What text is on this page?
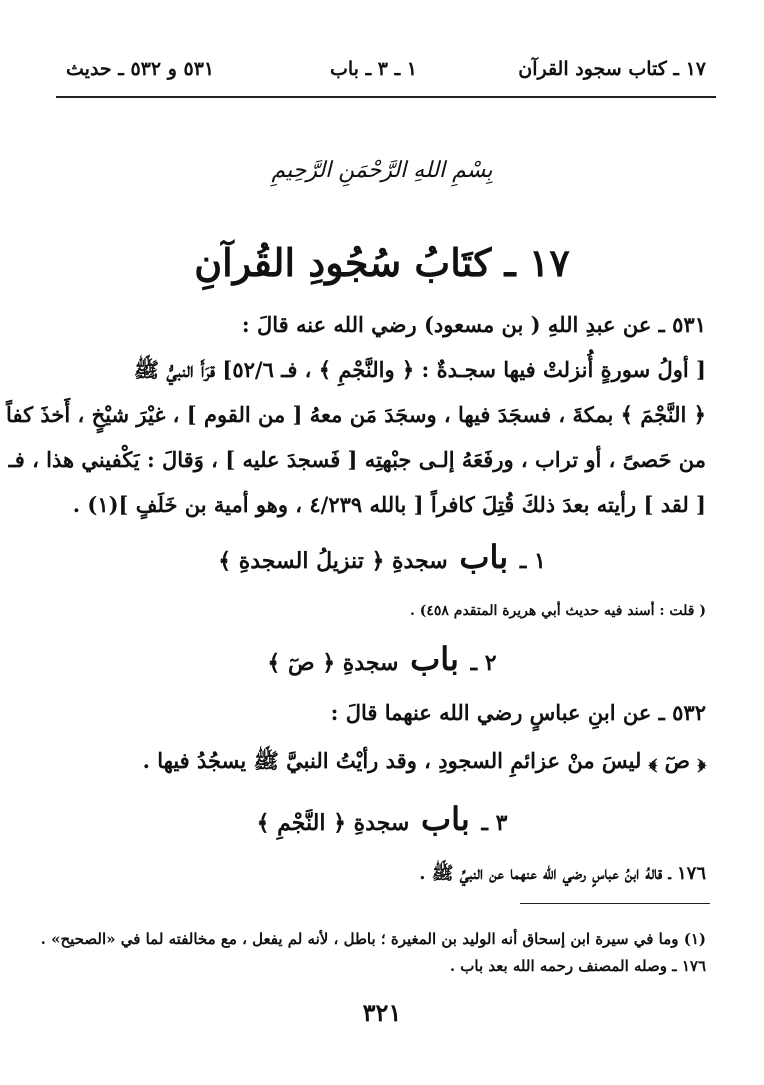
١٧ ـ كتاب سجود القرآن
١ ـ ٣ ـ باب
٥٣١ و ٥٣٢ ـ حديث
بِسْمِ اللهِ الرَّحْمَنِ الرَّحِيمِ
١٧ ـ كتَابُ سُجُودِ القُرآنِ
٥٣١ ـ عن عبدِ اللهِ ( بن مسعود) رضي الله عنه قالَ :
[ أولُ سورةٍ أُنزلتْ فيها سجـدةٌ : ﴿ والنَّجْمِ ﴾ ، فـ ٥٢/٦] قرَأَ النبيُّ ﷺ
﴿ النَّجْمَ ﴾ بمكةَ ، فسجَدَ فيها ، وسجَدَ مَن معهُ [ من القوم ] ، غيْرَ شيْخٍ ، أَخذَ كفاً
من حَصىً ، أو تراب ، ورفَعَهُ إلـى جبْهتِه [ فَسجدَ عليه ] ، وَقالَ : يَكْفيني هذا ، فـ
[ لقد ] رأيته بعدَ ذلكَ قُتِلَ كافراً [ بالله ٤/٢٣٩ ، وهو أمية بن خَلَفٍ ](١) .
١ ـ باب سجدةِ ﴿ تنزيلُ السجدةِ ﴾
( قلت : أسند فيه حديث أبي هريرة المتقدم ٤٥٨) .
٢ ـ باب سجدةِ ﴿ صٓ ﴾
٥٣٢ ـ عن ابنِ عباسٍ رضي الله عنهما قالَ :
﴿ صٓ ﴾ ليسَ منْ عزائمِ السجودِ ، وقد رأيْتُ النبيَّ ﷺ يسجُدُ فيها .
٣ ـ باب سجدةِ ﴿ النَّجْمِ ﴾
١٧٦ ـ قالهُ ابنُ عباسٍ رضي الله عنهما عن النبيِّ ﷺ .
(١) وما في سيرة ابن إسحاق أنه الوليد بن المغيرة ؛ باطل ، لأنه لم يفعل ، مع مخالفته لما في «الصحيح» .
١٧٦ ـ وصله المصنف رحمه الله بعد باب .
٣٢١
